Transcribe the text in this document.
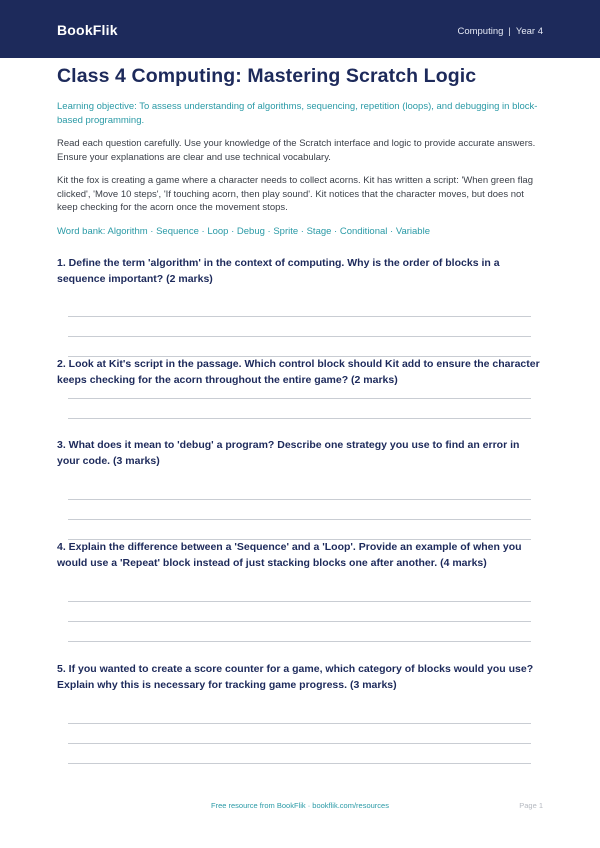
BookFlik	Computing | Year 4
Class 4 Computing: Mastering Scratch Logic
Learning objective: To assess understanding of algorithms, sequencing, repetition (loops), and debugging in block-based programming.
Read each question carefully. Use your knowledge of the Scratch interface and logic to provide accurate answers. Ensure your explanations are clear and use technical vocabulary.
Kit the fox is creating a game where a character needs to collect acorns. Kit has written a script: 'When green flag clicked', 'Move 10 steps', 'If touching acorn, then play sound'. Kit notices that the character moves, but does not keep checking for the acorn once the movement stops.
Word bank: Algorithm · Sequence · Loop · Debug · Sprite · Stage · Conditional · Variable
1. Define the term 'algorithm' in the context of computing. Why is the order of blocks in a sequence important? (2 marks)
2. Look at Kit's script in the passage. Which control block should Kit add to ensure the character keeps checking for the acorn throughout the entire game? (2 marks)
3. What does it mean to 'debug' a program? Describe one strategy you use to find an error in your code. (3 marks)
4. Explain the difference between a 'Sequence' and a 'Loop'. Provide an example of when you would use a 'Repeat' block instead of just stacking blocks one after another. (4 marks)
5. If you wanted to create a score counter for a game, which category of blocks would you use? Explain why this is necessary for tracking game progress. (3 marks)
Free resource from BookFlik · bookflik.com/resources	Page 1
